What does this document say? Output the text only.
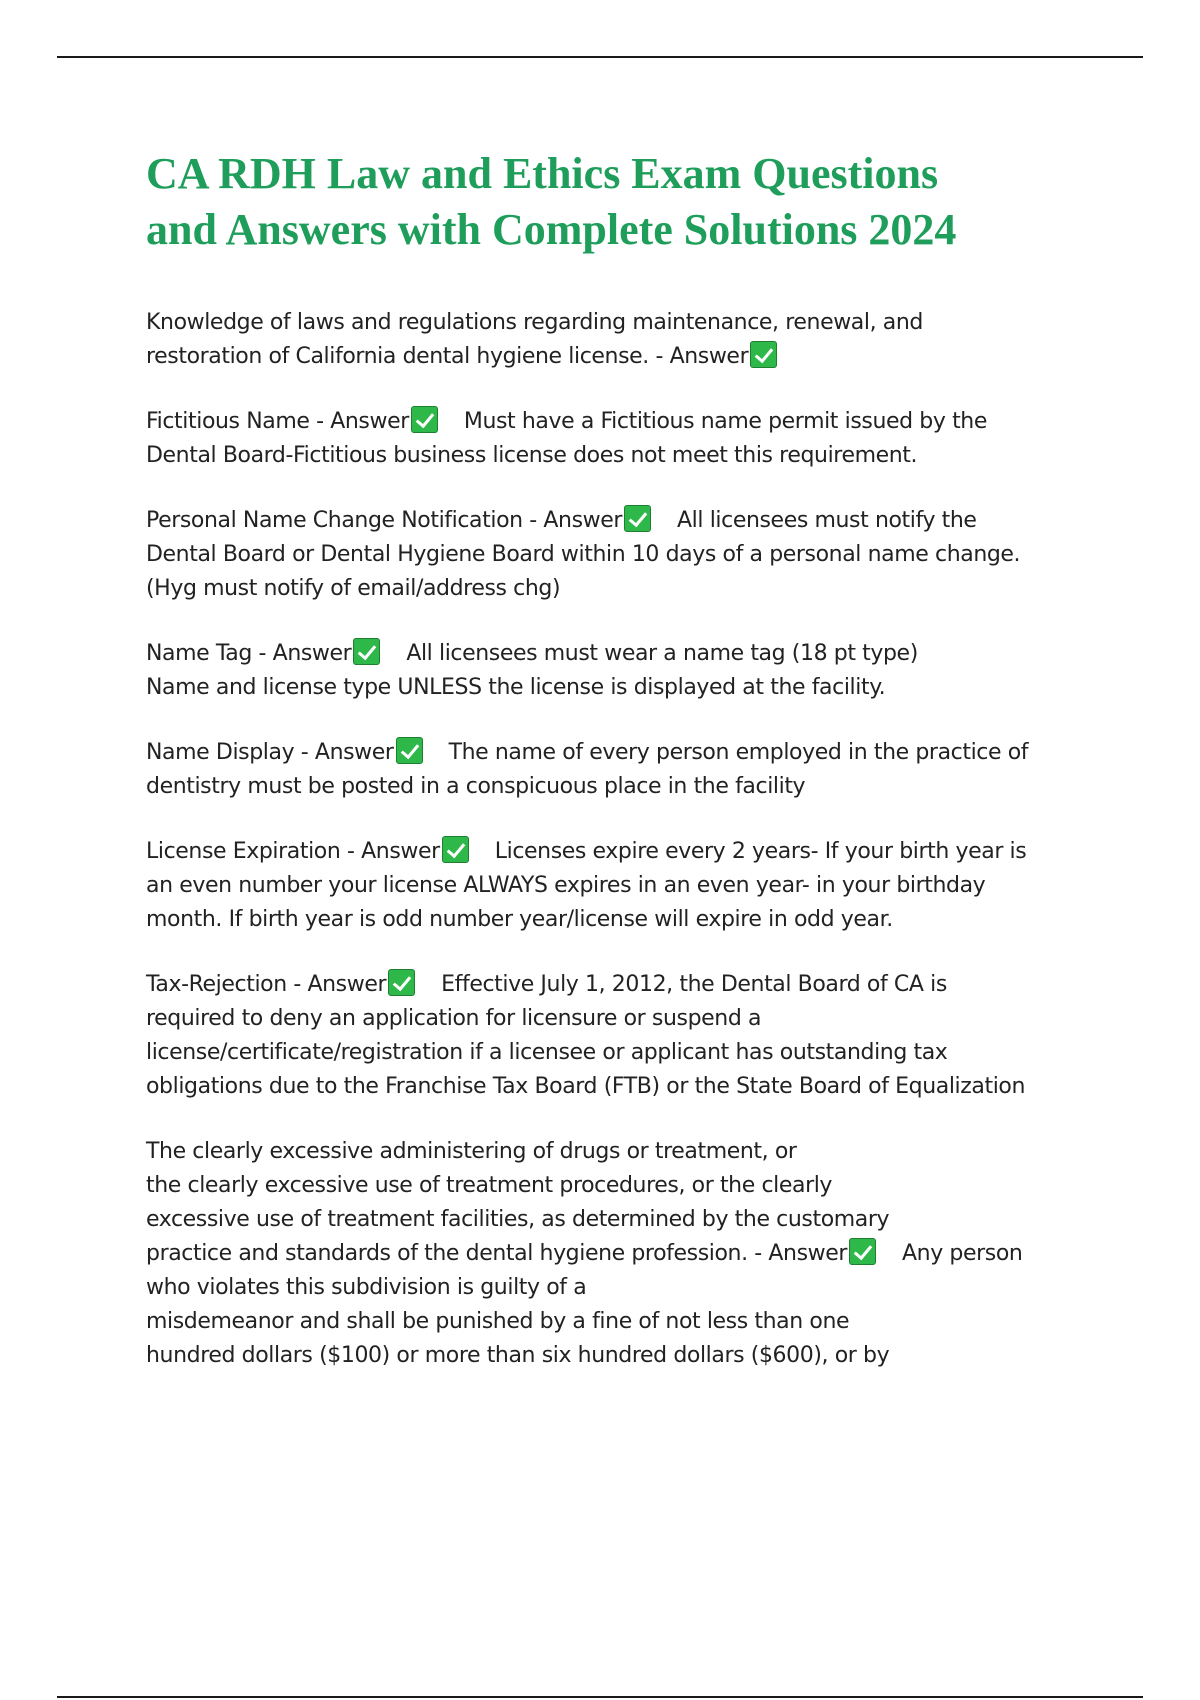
CA RDH Law and Ethics Exam Questions
and Answers with Complete Solutions 2024
Knowledge of laws and regulations regarding maintenance, renewal, and
restoration of California dental hygiene license. - Answer
Fictitious Name - Answer	Must have a Fictitious name permit issued by the
Dental Board-Fictitious business license does not meet this requirement.
Personal Name Change Notification - Answer	All licensees must notify the
Dental Board or Dental Hygiene Board within 10 days of a personal name change.
(Hyg must notify of email/address chg)
Name Tag - Answer	All licensees must wear a name tag (18 pt type)
Name and license type UNLESS the license is displayed at the facility.
Name Display - Answer	The name of every person employed in the practice of
dentistry must be posted in a conspicuous place in the facility
License Expiration - Answer	Licenses expire every 2 years- If your birth year is
an even number your license ALWAYS expires in an even year- in your birthday
month. If birth year is odd number year/license will expire in odd year.
Tax-Rejection - Answer	Effective July 1, 2012, the Dental Board of CA is
required to deny an application for licensure or suspend a
license/certificate/registration if a licensee or applicant has outstanding tax
obligations due to the Franchise Tax Board (FTB) or the State Board of Equalization
The clearly excessive administering of drugs or treatment, or
the clearly excessive use of treatment procedures, or the clearly
excessive use of treatment facilities, as determined by the customary
practice and standards of the dental hygiene profession. - Answer	Any person
who violates this subdivision is guilty of a
misdemeanor and shall be punished by a fine of not less than one
hundred dollars ($100) or more than six hundred dollars ($600), or by
